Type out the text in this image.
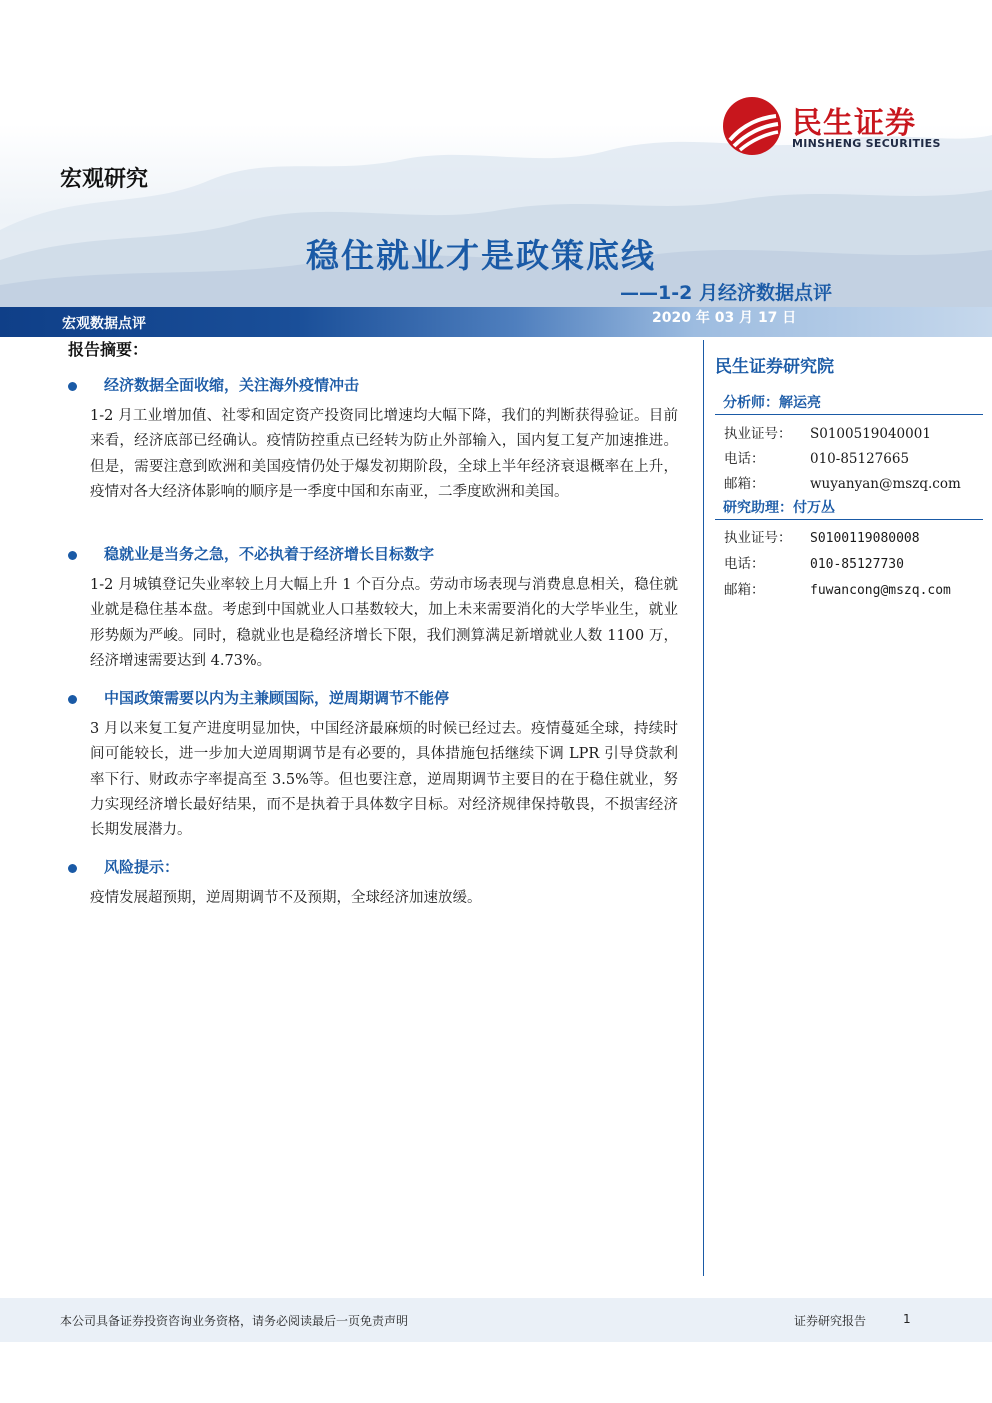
民生证券
MINSHENG SECURITIES
宏观研究
稳住就业才是政策底线
——1-2 月经济数据点评
宏观数据点评	2020 年 03 月 17 日
报告摘要：
经济数据全面收缩，关注海外疫情冲击
1-2 月工业增加值、社零和固定资产投资同比增速均大幅下降，我们的判断获得验证。目前来看，经济底部已经确认。疫情防控重点已经转为防止外部输入，国内复工复产加速推进。但是，需要注意到欧洲和美国疫情仍处于爆发初期阶段，全球上半年经济衰退概率在上升，疫情对各大经济体影响的顺序是一季度中国和东南亚，二季度欧洲和美国。
稳就业是当务之急，不必执着于经济增长目标数字
1-2 月城镇登记失业率较上月大幅上升 1 个百分点。劳动市场表现与消费息息相关，稳住就业就是稳住基本盘。考虑到中国就业人口基数较大，加上未来需要消化的大学毕业生，就业形势颇为严峻。同时，稳就业也是稳经济增长下限，我们测算满足新增就业人数 1100 万，经济增速需要达到 4.73%。
中国政策需要以内为主兼顾国际，逆周期调节不能停
3 月以来复工复产进度明显加快，中国经济最麻烦的时候已经过去。疫情蔓延全球，持续时间可能较长，进一步加大逆周期调节是有必要的，具体措施包括继续下调 LPR 引导贷款利率下行、财政赤字率提高至 3.5%等。但也要注意，逆周期调节主要目的在于稳住就业，努力实现经济增长最好结果，而不是执着于具体数字目标。对经济规律保持敬畏，不损害经济长期发展潜力。
风险提示：
疫情发展超预期，逆周期调节不及预期，全球经济加速放缓。
民生证券研究院
分析师：解运亮
执业证号： S0100519040001
电话：	010-85127665
邮箱：	wuyanyan@mszq.com
研究助理：付万丛
执业证号： S0100119080008
电话：	010-85127730
邮箱：	fuwancong@mszq.com
本公司具备证券投资咨询业务资格，请务必阅读最后一页免责声明	证券研究报告	1
